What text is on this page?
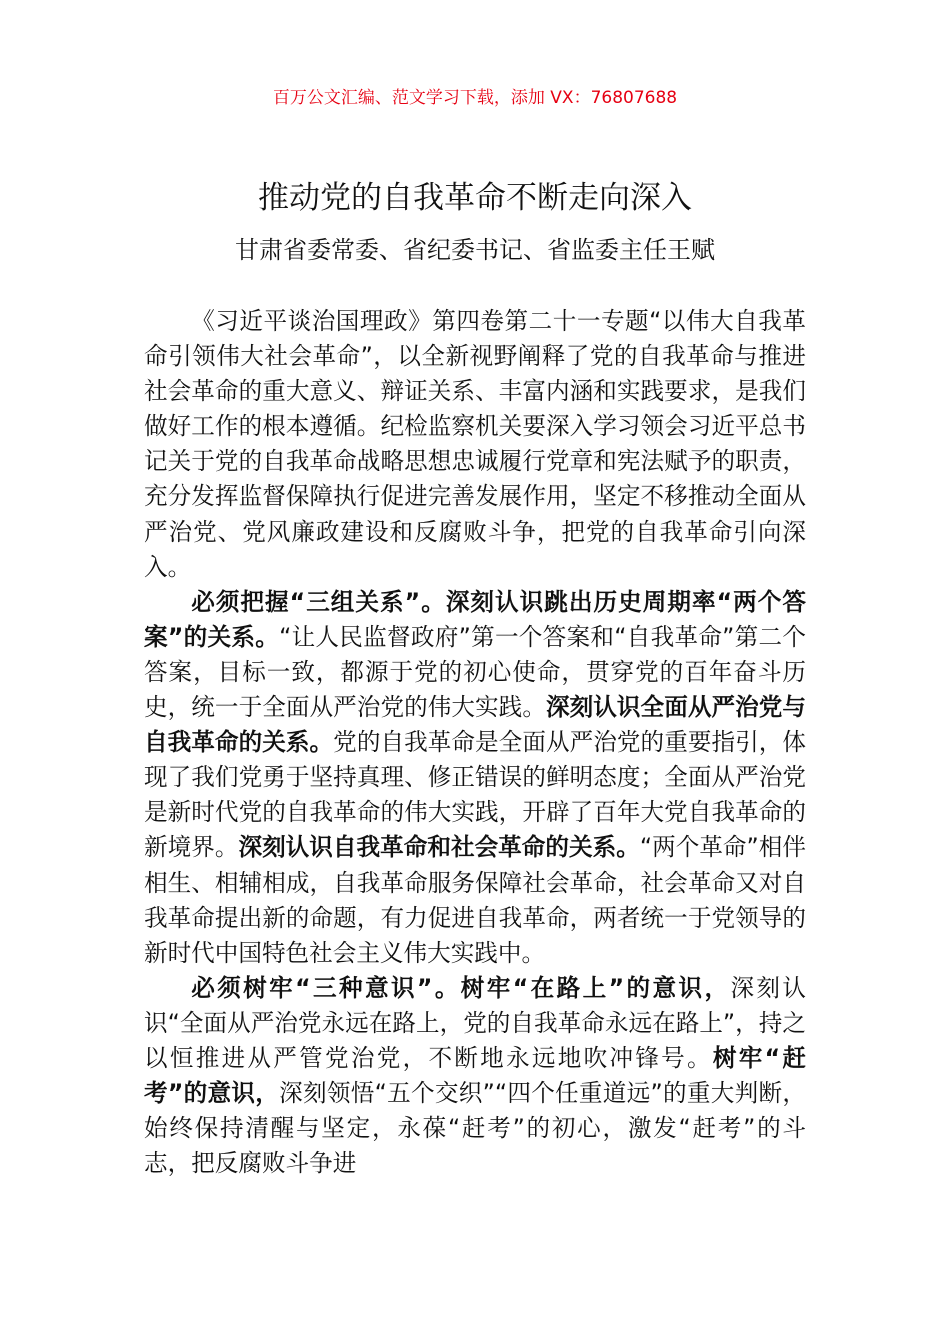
百万公文汇编、范文学习下载，添加 VX：76807688
推动党的自我革命不断走向深入
甘肃省委常委、省纪委书记、省监委主任王赋

《习近平谈治国理政》第四卷第二十一专题“以伟大自我革命引领伟大社会革命”，以全新视野阐释了党的自我革命与推进社会革命的重大意义、辩证关系、丰富内涵和实践要求，是我们做好工作的根本遵循。纪检监察机关要深入学习领会习近平总书记关于党的自我革命战略思想忠诚履行党章和宪法赋予的职责，充分发挥监督保障执行促进完善发展作用，坚定不移推动全面从严治党、党风廉政建设和反腐败斗争，把党的自我革命引向深入。

必须把握“三组关系”。深刻认识跳出历史周期率“两个答案”的关系。“让人民监督政府”第一个答案和“自我革命”第二个答案，目标一致，都源于党的初心使命，贯穿党的百年奋斗历史，统一于全面从严治党的伟大实践。深刻认识全面从严治党与自我革命的关系。党的自我革命是全面从严治党的重要指引，体现了我们党勇于坚持真理、修正错误的鲜明态度；全面从严治党是新时代党的自我革命的伟大实践，开辟了百年大党自我革命的新境界。深刻认识自我革命和社会革命的关系。“两个革命”相伴相生、相辅相成，自我革命服务保障社会革命，社会革命又对自我革命提出新的命题，有力促进自我革命，两者统一于党领导的新时代中国特色社会主义伟大实践中。

必须树牢“三种意识”。树牢“在路上”的意识，深刻认识“全面从严治党永远在路上，党的自我革命永远在路上”，持之以恒推进从严管党治党，不断地永远地吹冲锋号。树牢“赶考”的意识，深刻领悟“五个交织”“四个任重道远”的重大判断，始终保持清醒与坚定，永葆“赶考”的初心，激发“赶考”的斗志，把反腐败斗争进
